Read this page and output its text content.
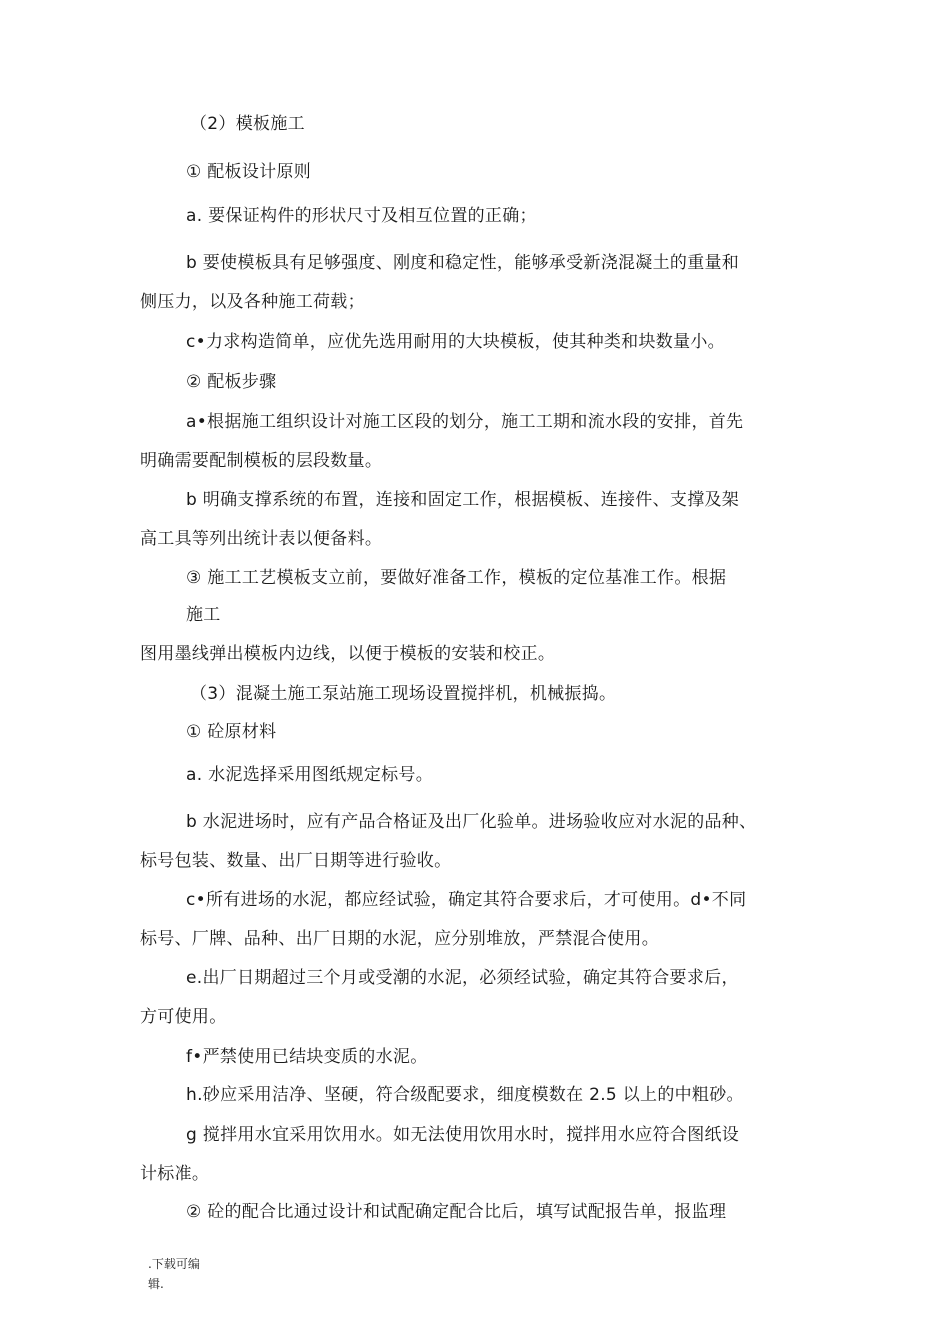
（2）模板施工
① 配板设计原则
a. 要保证构件的形状尺寸及相互位置的正确；
b 要使模板具有足够强度、刚度和稳定性，能够承受新浇混凝土的重量和
侧压力，以及各种施工荷载；
c•力求构造简单，应优先选用耐用的大块模板，使其种类和块数量小。
② 配板步骤
a•根据施工组织设计对施工区段的划分，施工工期和流水段的安排，首先
明确需要配制模板的层段数量。
b 明确支撑系统的布置，连接和固定工作，根据模板、连接件、支撑及架
高工具等列出统计表以便备料。
③ 施工工艺模板支立前，要做好准备工作，模板的定位基准工作。根据
施工
图用墨线弹出模板内边线，以便于模板的安装和校正。
（3）混凝土施工泵站施工现场设置搅拌机，机械振捣。
① 砼原材料
a. 水泥选择采用图纸规定标号。
b 水泥进场时，应有产品合格证及出厂化验单。进场验收应对水泥的品种、
标号包装、数量、出厂日期等进行验收。
c•所有进场的水泥，都应经试验，确定其符合要求后，才可使用。d•不同
标号、厂牌、品种、出厂日期的水泥，应分别堆放，严禁混合使用。
e.出厂日期超过三个月或受潮的水泥，必须经试验，确定其符合要求后，
方可使用。
f•严禁使用已结块变质的水泥。
h.砂应采用洁净、坚硬，符合级配要求，细度模数在 2.5 以上的中粗砂。
g 搅拌用水宜采用饮用水。如无法使用饮用水时，搅拌用水应符合图纸设
计标准。
② 砼的配合比通过设计和试配确定配合比后，填写试配报告单，报监理
.下载可编
辑.
